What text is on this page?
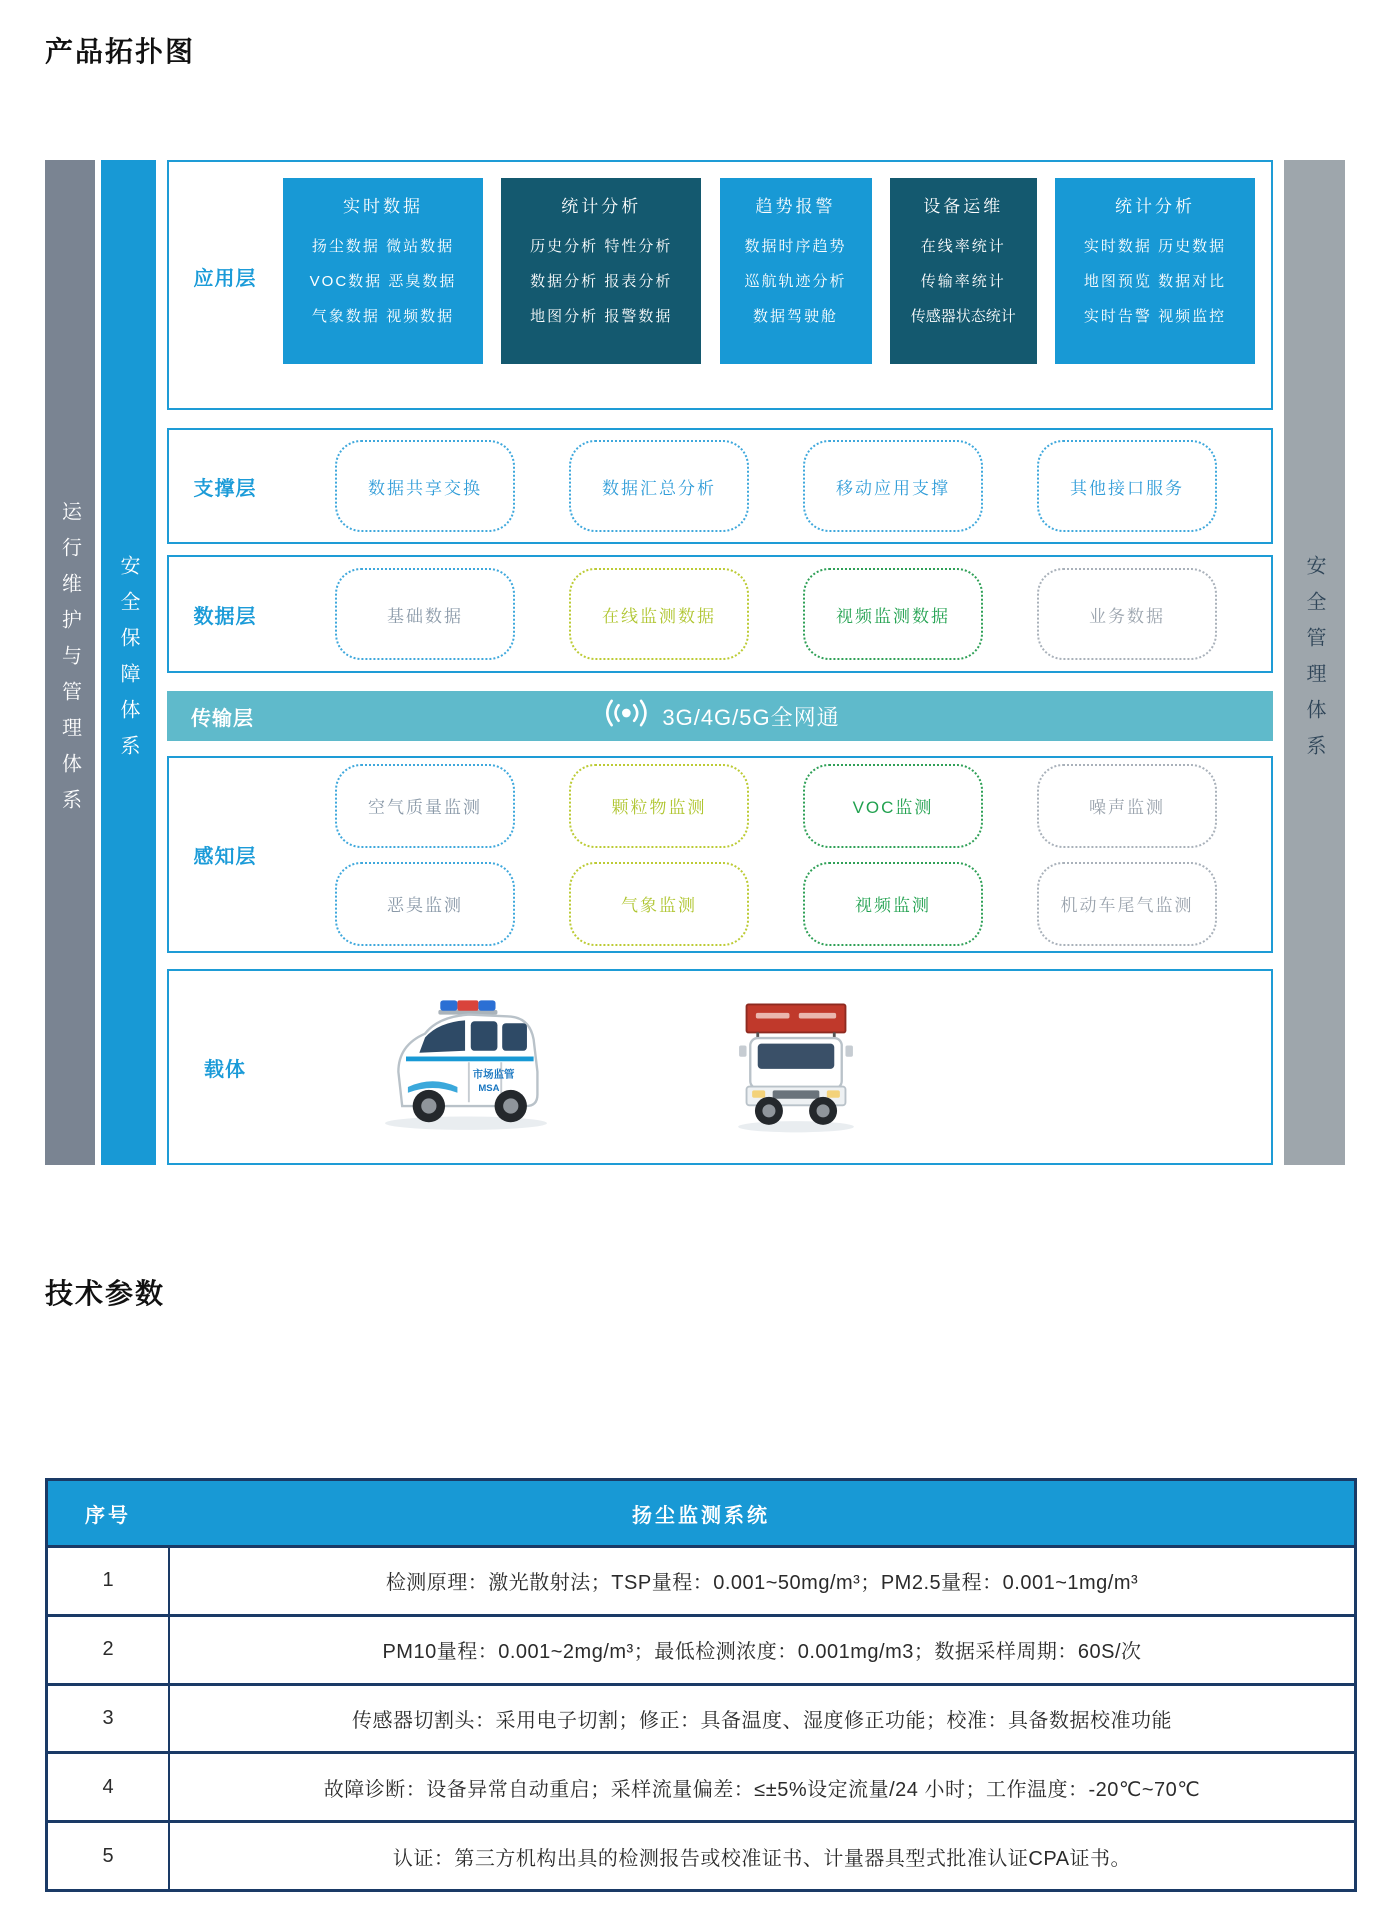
产品拓扑图
运行维护与管理体系 安全保障体系
应用层
实时数据
扬尘数据 微站数据
VOC数据 恶臭数据
气象数据 视频数据
统计分析
历史分析 特性分析
数据分析 报表分析
地图分析 报警数据
趋势报警
数据时序趋势
巡航轨迹分析
数据驾驶舱
设备运维
在线率统计
传输率统计
传感器状态统计
统计分析
实时数据 历史数据
地图预览 数据对比
实时告警 视频监控
支撑层	数据共享交换	数据汇总分析	移动应用支撑	其他接口服务
数据层	基础数据	在线监测数据	视频监测数据	业务数据
传输层	3G/4G/5G全网通
感知层
空气质量监测	颗粒物监测	VOC监测	噪声监测
恶臭监测	气象监测	视频监测	机动车尾气监测
载体	市场监管
MSA
安全管理体系
技术参数
序号	扬尘监测系统
1	检测原理：激光散射法；TSP量程：0.001~50mg/m³；PM2.5量程：0.001~1mg/m³
2	PM10量程：0.001~2mg/m³；最低检测浓度：0.001mg/m3；数据采样周期：60S/次
3	传感器切割头：采用电子切割；修正：具备温度、湿度修正功能；校准：具备数据校准功能
4	故障诊断：设备异常自动重启；采样流量偏差：≤±5%设定流量/24 小时；工作温度：-20℃~70℃
5	认证：第三方机构出具的检测报告或校准证书、计量器具型式批准认证CPA证书。
